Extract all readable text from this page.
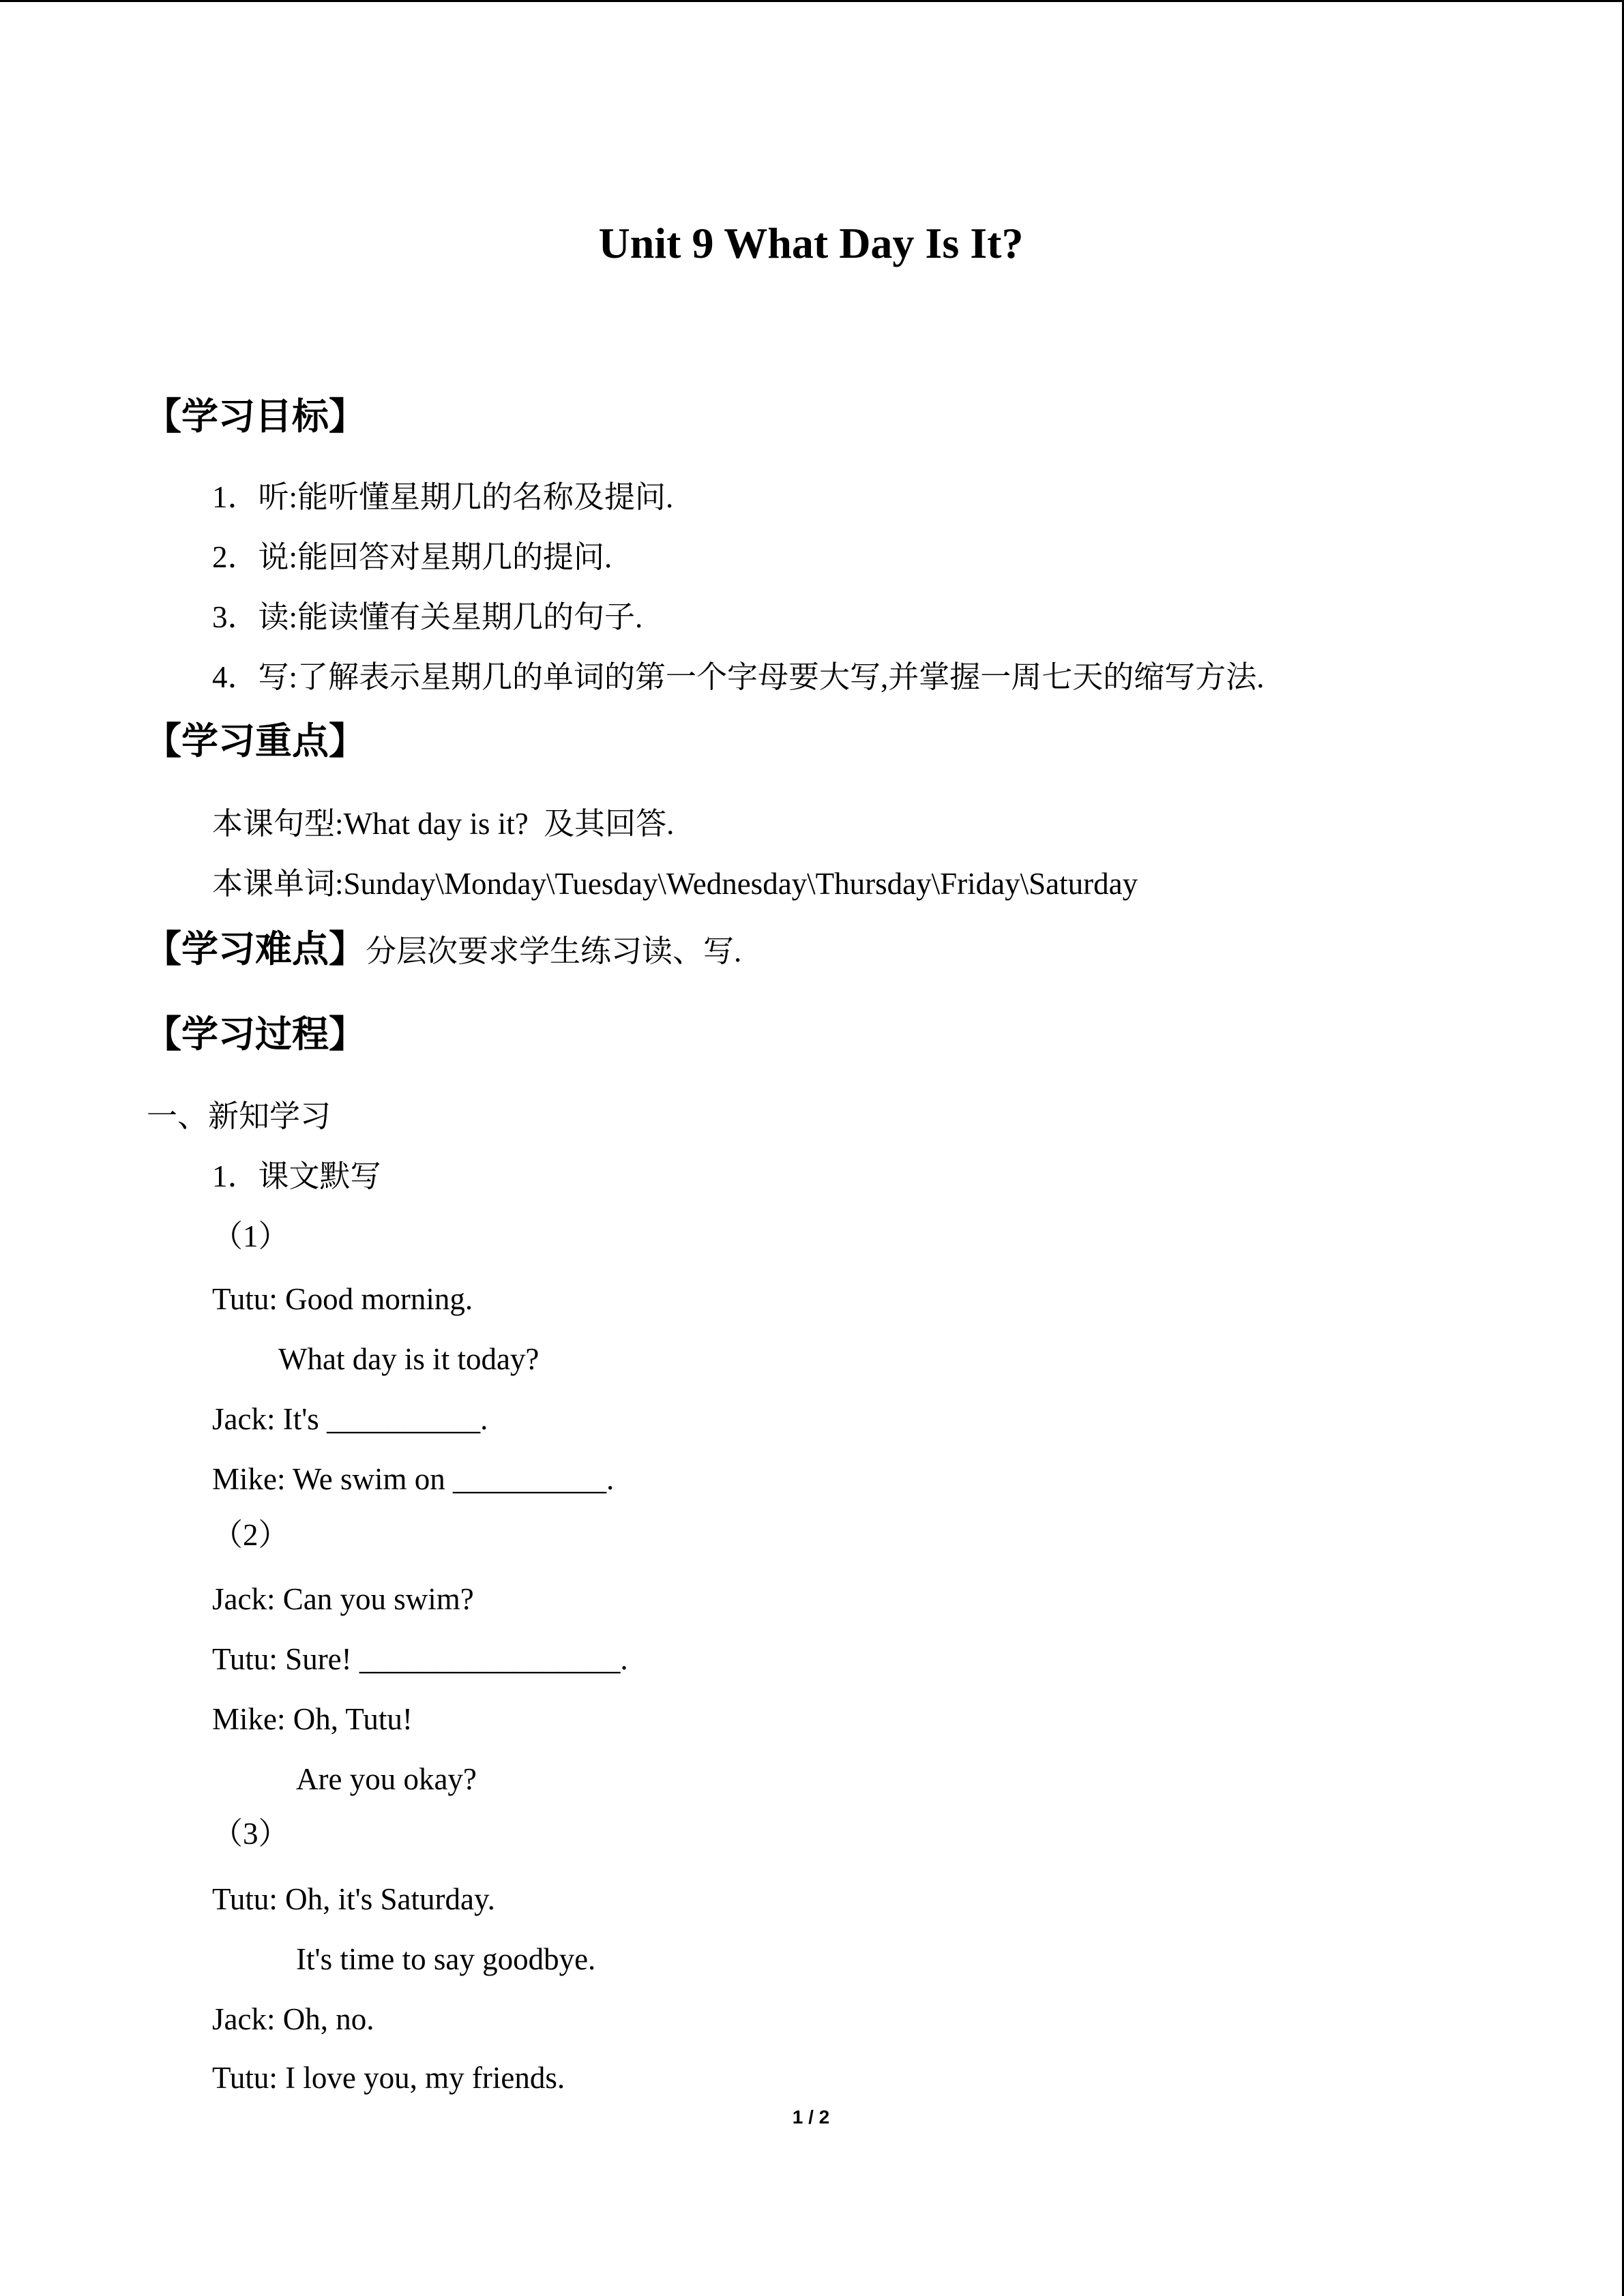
Unit 9 What Day Is It?
【学习目标】
1．听:能听懂星期几的名称及提问.
2．说:能回答对星期几的提问.
3．读:能读懂有关星期几的句子.
4．写:了解表示星期几的单词的第一个字母要大写,并掌握一周七天的缩写方法.
【学习重点】
本课句型:What day is it?  及其回答.
本课单词:Sunday\Monday\Tuesday\Wednesday\Thursday\Friday\Saturday
【学习难点】分层次要求学生练习读、写.
【学习过程】
一、新知学习
1．课文默写
（1）
Tutu: Good morning.
What day is it today?
Jack: It's __________.
Mike: We swim on __________.
（2）
Jack: Can you swim?
Tutu: Sure! _________________.
Mike: Oh, Tutu!
Are you okay?
（3）
Tutu: Oh, it's Saturday.
It's time to say goodbye.
Jack: Oh, no.
Tutu: I love you, my friends.
1 / 2
